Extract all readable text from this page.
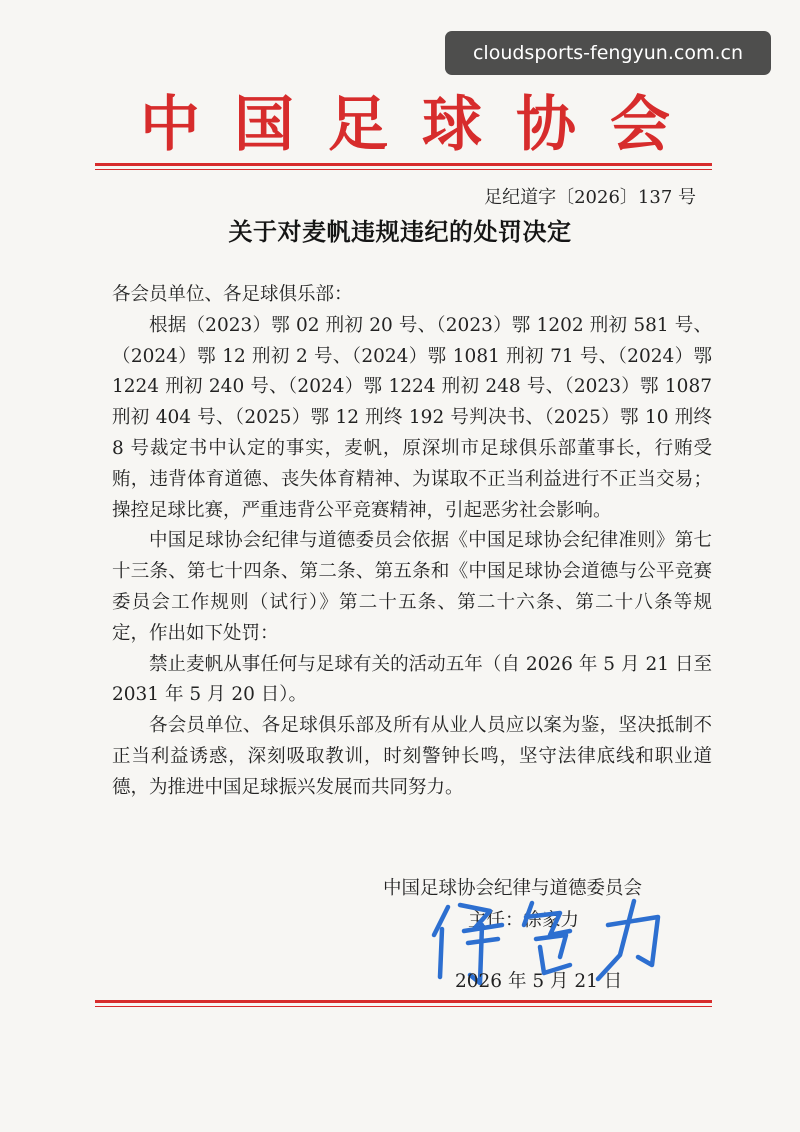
cloudsports-fengyun.com.cn
中 国 足 球 协 会
足纪道字〔2026〕137 号
关于对麦帆违规违纪的处罚决定

各会员单位、各足球俱乐部：

根据（2023）鄂 02 刑初 20 号、（2023）鄂 1202 刑初 581 号、（2024）鄂 12 刑初 2 号、（2024）鄂 1081 刑初 71 号、（2024）鄂 1224 刑初 240 号、（2024）鄂 1224 刑初 248 号、（2023）鄂 1087 刑初 404 号、（2025）鄂 12 刑终 192 号判决书、（2025）鄂 10 刑终 8 号裁定书中认定的事实，麦帆，原深圳市足球俱乐部董事长，行贿受贿，违背体育道德、丧失体育精神、为谋取不正当利益进行不正当交易；操控足球比赛，严重违背公平竞赛精神，引起恶劣社会影响。

中国足球协会纪律与道德委员会依据《中国足球协会纪律准则》第七十三条、第七十四条、第二条、第五条和《中国足球协会道德与公平竞赛委员会工作规则（试行）》第二十五条、第二十六条、第二十八条等规定，作出如下处罚：

禁止麦帆从事任何与足球有关的活动五年（自 2026 年 5 月 21 日至 2031 年 5 月 20 日）。

各会员单位、各足球俱乐部及所有从业人员应以案为鉴，坚决抵制不正当利益诱惑，深刻吸取教训，时刻警钟长鸣，坚守法律底线和职业道德，为推进中国足球振兴发展而共同努力。

中国足球协会纪律与道德委员会
主任：徐家力
2026 年 5 月 21 日
